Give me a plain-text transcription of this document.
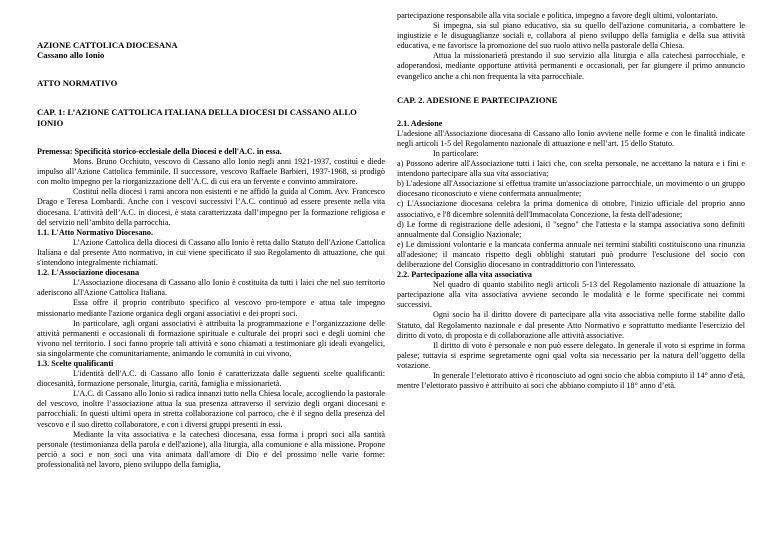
AZIONE CATTOLICA DIOCESANA
Cassano allo Ionio
ATTO NORMATIVO
CAP. 1: L’AZIONE CATTOLICA ITALIANA DELLA DIOCESI DI CASSANO ALLO IONIO

Premessa: Specificità storico-ecclesiale della Diocesi e dell'A.C. in essa.

Mons. Bruno Occhiuto, vescovo di Cassano allo Ionio negli anni 1921-1937, costituì e diede impulso all’Azione Cattolica femminile. Il successore, vescovo Raffaele Barbieri, 1937-1968, si prodigò con molto impegno per la riorganizzazione dell’A.C. di cui era un fervente e convinto ammiratore.

Costituì nella diocesi i rami ancora non esistenti e ne affidò la guida al Comm. Avv. Francesco Drago e Teresa Lombardi. Anche con i vescovi successivi l’A.C. continuò ad essere presente nella vita diocesana. L’attività dell’A.C. in diocesi, è stata caratterizzata dall’impegno per la formazione religiosa e del servizio nell’ambito della parrocchia.

1.1. L'Atto Normativo Diocesano.

L’Azione Cattolica della diocesi di Cassano allo Ionio è retta dallo Statuto dell'Azione Cattolica Italiana e dal presente Atto normativo, in cui viene specificato il suo Regolamento di attuazione, che qui s'intendono integralmente richiamati.

1.2. L'Associazione diocesana

L’Associazione diocesana di Cassano allo Ionio è costituita da tutti i laici che nel suo territorio aderiscono all'Azione Cattolica Italiana.

Essa offre il proprio contributo specifico al vescovo pro-tempore e attua tale impegno missionario mediante l'azione organica degli organi associativi e dei propri soci.

In particolare, agli organi associativi è attribuita la programmazione e l’organizzazione delle attività permanenti e occasionali di formazione spirituale e culturale dei propri soci e degli uomini che vivono nel territorio. I soci fanno proprie tali attività e sono chiamati a testimoniare gli ideali evangelici, sia singolarmente che comunitariamente, animando le comunità in cui vivono.

1.3. Scelte qualificanti

L'identità dell'A.C. di Cassano allo Ionio è caratterizzata dalle seguenti scelte qualificanti: diocesanità, formazione personale, liturgia, carità, famiglia e missionarietà.

L'A.C. di Cassano allo Ionio si radica innanzi tutto nella Chiesa locale, accogliendo la pastorale del vescovo, inoltre l’associazione attua la sua presenza attraverso il servizio degli organi diocesani e parrocchiali. In questi ultimi opera in stretta collaborazione col parroco, che è il segno della presenza del vescovo e il suo diretto collaboratore, e con i diversi gruppi presenti in essi.

Mediante la vita associativa e la catechesi diocesana, essa forma i propri soci alla santità personale (testimonianza della parola e dell'azione), alla liturgia, alla comunione e alla missione. Propone perciò a soci e non soci una vita animata dall'amore di Dio e del prossimo nelle varie forme: professionalità nel lavoro, pieno sviluppo della famiglia,

partecipazione responsabile alla vita sociale e politica, impegno a favore degli ultimi, volontariato.

Si impegna, sia sul piano educativo, sia su quello dell'azione comunitaria, a combattere le ingiustizie e le disuguaglianze sociali e, collabora al pieno sviluppo della famiglia e della sua attività educativa, e ne favorisce la promozione del suo ruolo attivo nella pastorale della Chiesa.

Attua la missionarietà prestando il suo servizio alla liturgia e alla catechesi parrocchiale, e adoperandosi, mediante opportune attività permanenti e occasionali, per far giungere il primo annuncio evangelico anche a chi non frequenta la vita parrocchiale.

CAP. 2. ADESIONE E PARTECIPAZIONE

2.1. Adesione

L'adesione all'Associazione diocesana di Cassano allo Ionio avviene nelle forme e con le finalità indicate negli articoli 1-5 del Regolamento nazionale di attuazione e nell’art. 15 dello Statuto.

In particolare:

a) Possono aderire all'Associazione tutti i laici che, con scelta personale, ne accettano la natura e i fini e intendono partecipare alla sua vita associativa;

b) L'adesione all'Associazione si effettua tramite un'associazione parrocchiale, un movimento o un gruppo diocesano riconosciuto e viene confermata annualmente;

c) L'Associazione diocesana celebra la prima domenica di ottobre, l'inizio ufficiale del proprio anno associativo, e l'8 dicembre solennità dell'Immacolata Concezione, la festa dell'adesione;

d) Le forme di registrazione delle adesioni, il "segno" che l'attesta e la stampa associativa sono definiti annualmente dal Consiglio Nazionale;

e) Le dimissioni volontarie e la mancata conferma annuale nei termini stabiliti costituiscono una rinunzia all'adesione; il mancato rispetto degli obblighi statutari può produrre l'esclusione del socio con deliberazione del Consiglio diocesano in contraddittorio con l'interessato.

2.2. Partecipazione alla vita associativa

Nel quadro di quanto stabilito negli articoli 5-13 del Regolamento nazionale di attuazione la partecipazione alla vita associativa avviene secondo le modalità e le forme specificate nei commi successivi.

Ogni socio ha il diritto dovere di partecipare alla vita associativa nelle forme stabilite dallo Statuto, dal Regolamento nazionale e dal presente Atto Normativo e soprattutto mediante l'esercizio del diritto di voto, di proposta e di collaborazione alle attività associative.

Il diritto di voto è personale e non può essere delegato. In generale il voto si esprime in forma palese; tuttavia si esprime segretamente ogni qual volta sia necessario per la natura dell’oggetto della votazione.

In generale l’elettorato attivo è riconosciuto ad ogni socio che abbia compiuto il 14° anno d'età, mentre l’elettorato passivo è attribuito ai soci che abbiano compiuto il 18° anno d’età.
